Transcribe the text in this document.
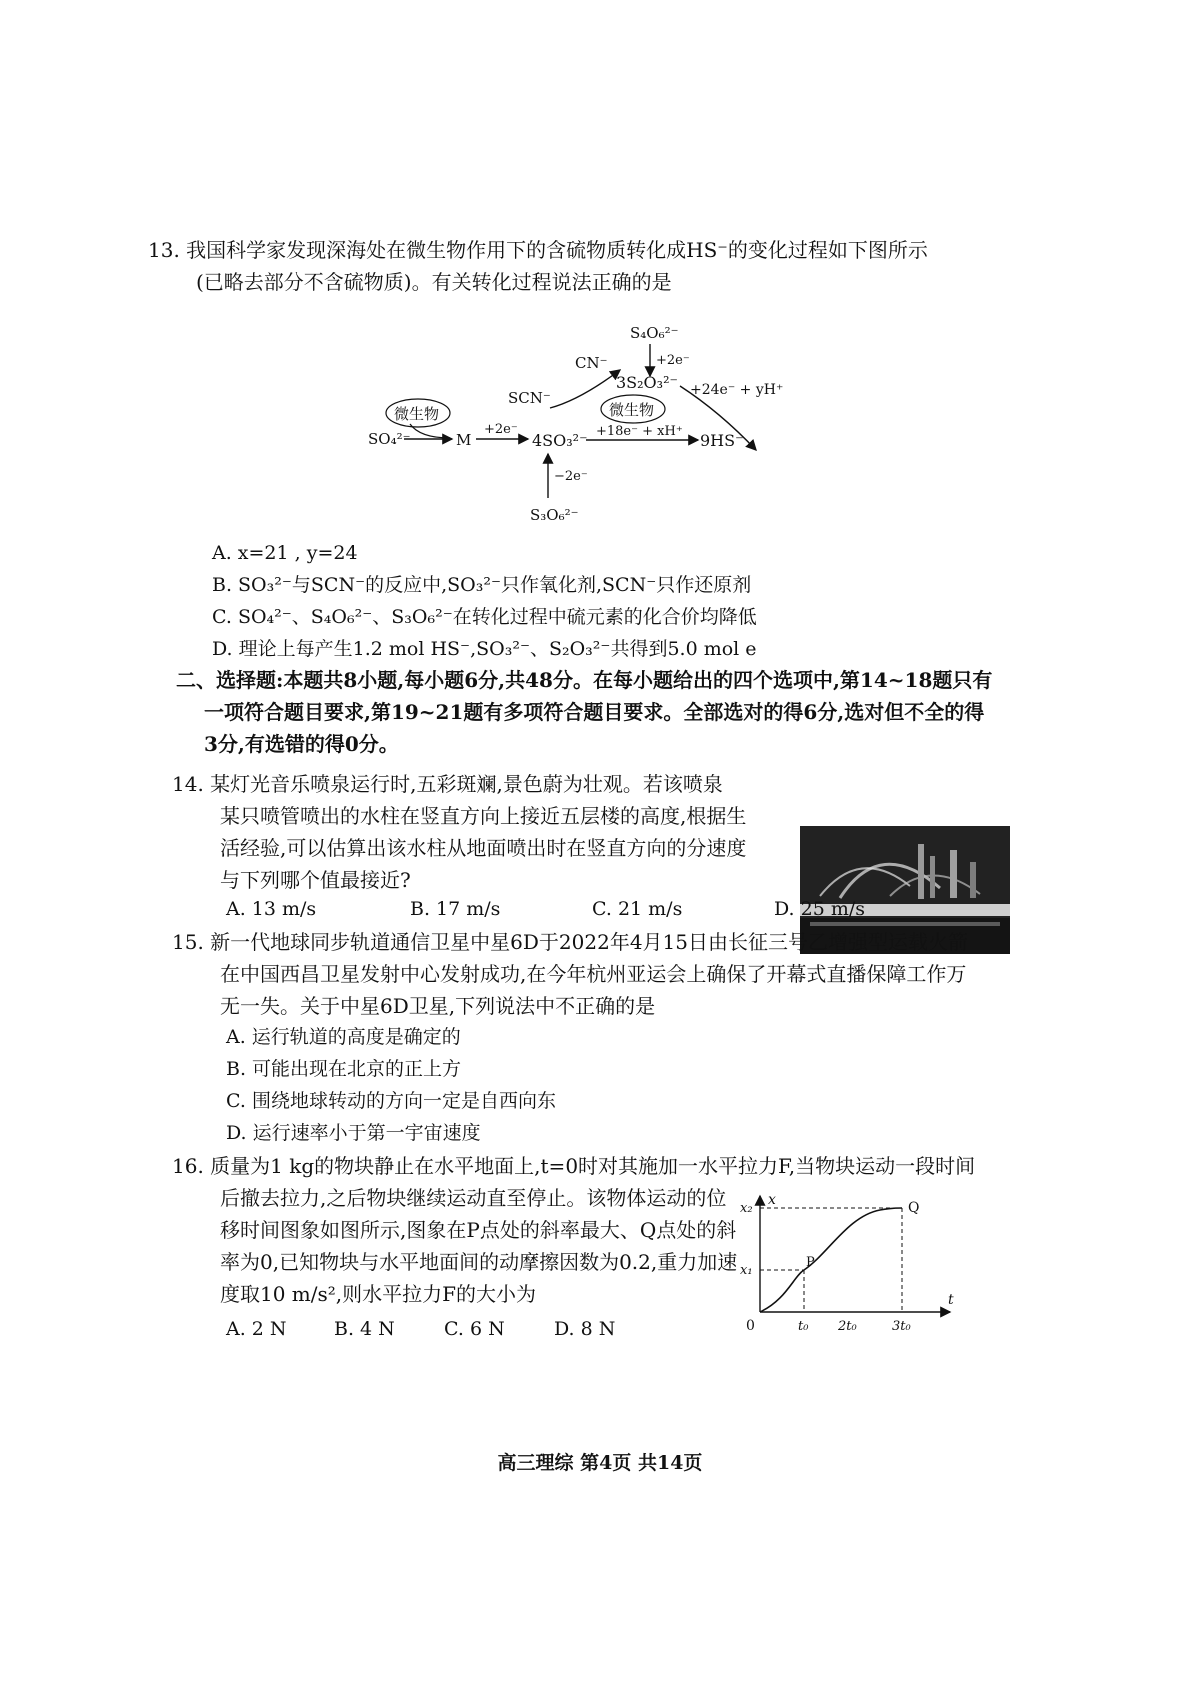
13. 我国科学家发现深海处在微生物作用下的含硫物质转化成HS⁻的变化过程如下图所示
(已略去部分不含硫物质)。有关转化过程说法正确的是
S₄O₆²⁻
+2e⁻
CN⁻
3S₂O₃²⁻ +24e⁻ + yH⁺
SCN⁻
微生物	微生物
SO₄²⁻	M
+2e⁻
4SO₃²⁻ +18e⁻ + xH⁺ 9HS⁻
−2e⁻
S₃O₆²⁻
A. x=21 , y=24
B. SO₃²⁻与SCN⁻的反应中,SO₃²⁻只作氧化剂,SCN⁻只作还原剂
C. SO₄²⁻、S₄O₆²⁻、S₃O₆²⁻在转化过程中硫元素的化合价均降低
D. 理论上每产生1.2 mol HS⁻,SO₃²⁻、S₂O₃²⁻共得到5.0 mol e
二、选择题:本题共8小题,每小题6分,共48分。在每小题给出的四个选项中,第14~18题只有
一项符合题目要求,第19~21题有多项符合题目要求。全部选对的得6分,选对但不全的得
3分,有选错的得0分。
14. 某灯光音乐喷泉运行时,五彩斑斓,景色蔚为壮观。若该喷泉
某只喷管喷出的水柱在竖直方向上接近五层楼的高度,根据生
活经验,可以估算出该水柱从地面喷出时在竖直方向的分速度
与下列哪个值最接近?
A. 13 m/s	B. 17 m/s	C. 21 m/s	D. 25 m/s
15. 新一代地球同步轨道通信卫星中星6D于2022年4月15日由长征三号乙增强型运载火箭
在中国西昌卫星发射中心发射成功,在今年杭州亚运会上确保了开幕式直播保障工作万
无一失。关于中星6D卫星,下列说法中不正确的是
A. 运行轨道的高度是确定的
B. 可能出现在北京的正上方
C. 围绕地球转动的方向一定是自西向东
D. 运行速率小于第一宇宙速度
16. 质量为1 kg的物块静止在水平地面上,t=0时对其施加一水平拉力F,当物块运动一段时间
后撤去拉力,之后物块继续运动直至停止。该物体运动的位
移时间图象如图所示,图象在P点处的斜率最大、Q点处的斜
率为0,已知物块与水平地面间的动摩擦因数为0.2,重力加速
度取10 m/s²,则水平拉力F的大小为
A. 2 N B. 4 N	C. 6 N	D. 8 N
t
x
0
x₁
x₂
P
Q
t₀ 2t₀	3t₀
高三理综 第4页 共14页
